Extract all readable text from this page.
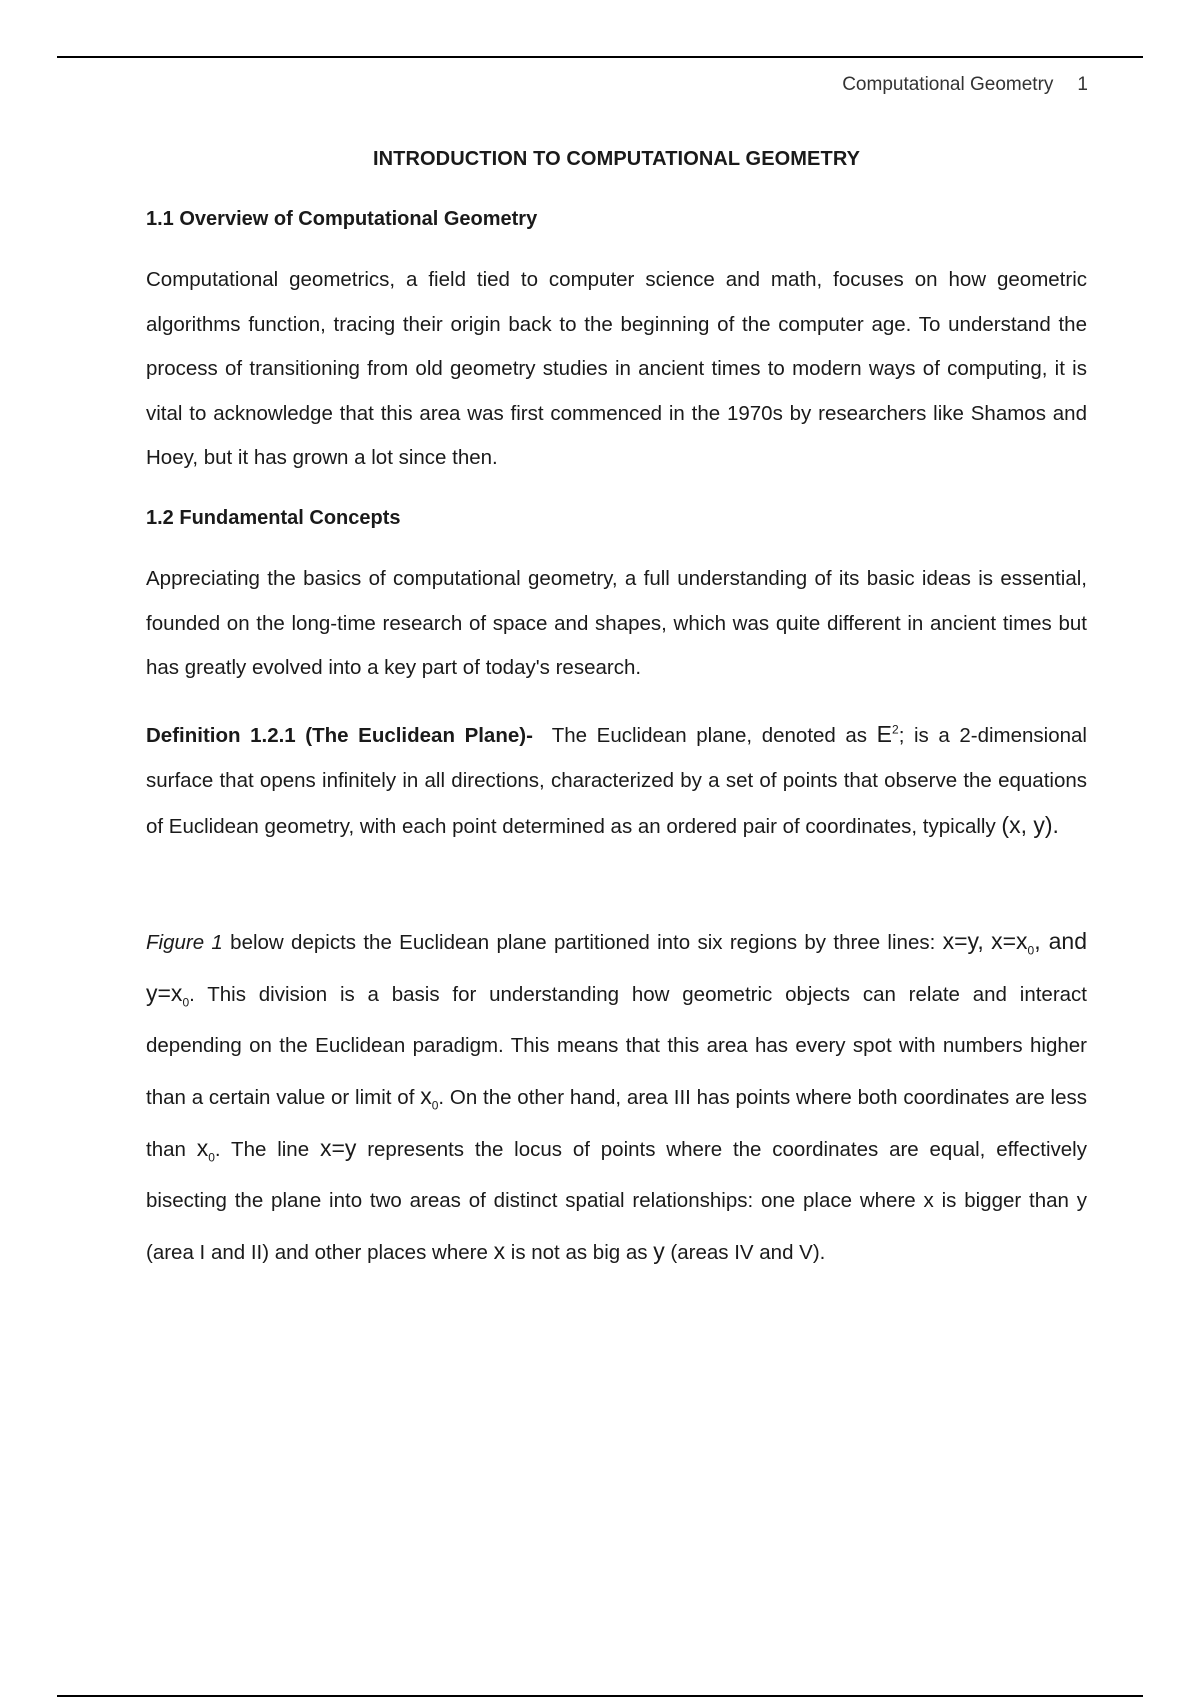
Computational Geometry 1
INTRODUCTION TO COMPUTATIONAL GEOMETRY
1.1 Overview of Computational Geometry

Computational geometrics, a field tied to computer science and math, focuses on how geometric algorithms function, tracing their origin back to the beginning of the computer age. To understand the process of transitioning from old geometry studies in ancient times to modern ways of computing, it is vital to acknowledge that this area was first commenced in the 1970s by researchers like Shamos and Hoey, but it has grown a lot since then.

1.2 Fundamental Concepts

Appreciating the basics of computational geometry, a full understanding of its basic ideas is essential, founded on the long-time research of space and shapes, which was quite different in ancient times but has greatly evolved into a key part of today's research.

Definition 1.2.1 (The Euclidean Plane)- The Euclidean plane, denoted as $E^2$; is a 2-dimensional surface that opens infinitely in all directions, characterized by a set of points that observe the equations of Euclidean geometry, with each point determined as an ordered pair of coordinates, typically (x, y).

Figure 1 below depicts the Euclidean plane partitioned into six regions by three lines: x=y, $x=x_0$, and $y=x_0$. This division is a basis for understanding how geometric objects can relate and interact depending on the Euclidean paradigm. This means that this area has every spot with numbers higher than a certain value or limit of $x_0$. On the other hand, area III has points where both coordinates are less than $x_0$. The line x=y represents the locus of points where the coordinates are equal, effectively bisecting the plane into two areas of distinct spatial relationships: one place where x is bigger than y (area I and II) and other places where x is not as big as y (areas IV and V).
